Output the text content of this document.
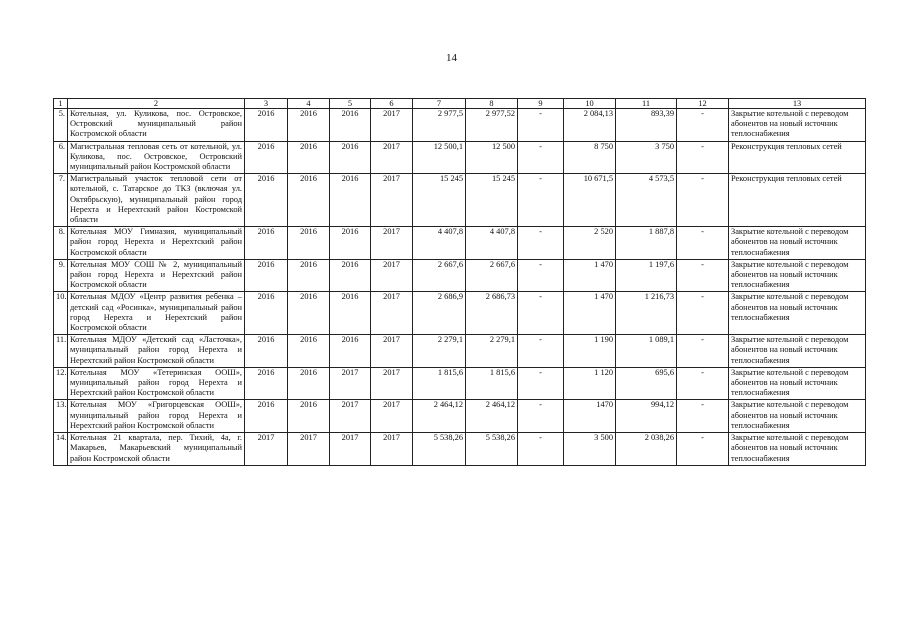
14
1	2	3	4	5	6	7	8	9	10	11	12	13
5.	Котельная, ул. Куликова, пос. Островское, Островский муниципальный район Костромской области	2016	2016	2016	2017	2 977,5	2 977,52	-	2 084,13	893,39	-	Закрытие котельной с переводом абонентов на новый источник теплоснабжения
6.	Магистральная тепловая сеть от котельной, ул. Куликова, пос. Островское, Островский муниципальный район Костромской области	2016	2016	2016	2017	12 500,1	12 500	-	8 750	3 750	-	Реконструкция тепловых сетей
7.	Магистральный участок тепловой сети от котельной, с. Татарское до ТКЗ (включая ул. Октябрьскую), муниципальный район город Нерехта и Нерехтский район Костромской области	2016	2016	2016	2017	15 245	15 245	-	10 671,5	4 573,5	-	Реконструкция тепловых сетей
8.	Котельная МОУ Гимназия, муниципальный район город Нерехта и Нерехтский район Костромской области	2016	2016	2016	2017	4 407,8	4 407,8	-	2 520	1 887,8	-	Закрытие котельной с переводом абонентов на новый источник теплоснабжения
9.	Котельная МОУ СОШ № 2, муниципальный район город Нерехта и Нерехтский район Костромской области	2016	2016	2016	2017	2 667,6	2 667,6	-	1 470	1 197,6	-	Закрытие котельной с переводом абонентов на новый источник теплоснабжения
10.	Котельная МДОУ «Центр развития ребенка – детский сад «Росинка», муниципальный район город Нерехта и Нерехтский район Костромской области	2016	2016	2016	2017	2 686,9	2 686,73	-	1 470	1 216,73	-	Закрытие котельной с переводом абонентов на новый источник теплоснабжения
11.	Котельная МДОУ «Детский сад «Ласточка», муниципальный район город Нерехта и Нерехтский район Костромской области	2016	2016	2016	2017	2 279,1	2 279,1	-	1 190	1 089,1	-	Закрытие котельной с переводом абонентов на новый источник теплоснабжения
12.	Котельная МОУ «Тетеринская ООШ», муниципальный район город Нерехта и Нерехтский район Костромской области	2016	2016	2017	2017	1 815,6	1 815,6	-	1 120	695,6	-	Закрытие котельной с переводом абонентов на новый источник теплоснабжения
13.	Котельная МОУ «Григорцевская ООШ», муниципальный район город Нерехта и Нерехтский район Костромской области	2016	2016	2017	2017	2 464,12	2 464,12	-	1470	994,12	-	Закрытие котельной с переводом абонентов на новый источник теплоснабжения
14.	Котельная 21 квартала, пер. Тихий, 4а, г. Макарьев, Макарьевский муниципальный район Костромской области	2017	2017	2017	2017	5 538,26	5 538,26	-	3 500	2 038,26	-	Закрытие котельной с переводом абонентов на новый источник теплоснабжения
